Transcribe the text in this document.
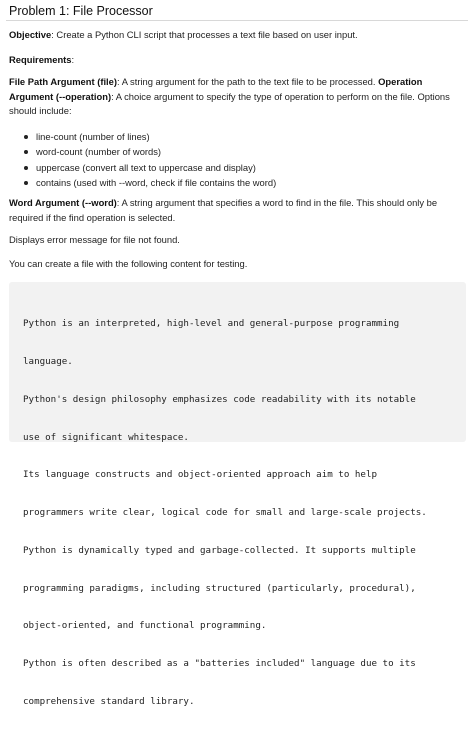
Problem 1: File Processor

Objective: Create a Python CLI script that processes a text file based on user input.

Requirements:

File Path Argument (file): A string argument for the path to the text file to be processed. Operation Argument (--operation): A choice argument to specify the type of operation to perform on the file. Options should include:

line-count (number of lines)
word-count (number of words)
uppercase (convert all text to uppercase and display)
contains (used with --word, check if file contains the word)

Word Argument (--word): A string argument that specifies a word to find in the file. This should only be required if the find operation is selected.

Displays error message for file not found.

You can create a file with the following content for testing.

Python is an interpreted, high-level and general-purpose programming

language.

Python's design philosophy emphasizes code readability with its notable

use of significant whitespace.

Its language constructs and object-oriented approach aim to help

programmers write clear, logical code for small and large-scale projects.

Python is dynamically typed and garbage-collected. It supports multiple

programming paradigms, including structured (particularly, procedural),

object-oriented, and functional programming.

Python is often described as a "batteries included" language due to its

comprehensive standard library.
